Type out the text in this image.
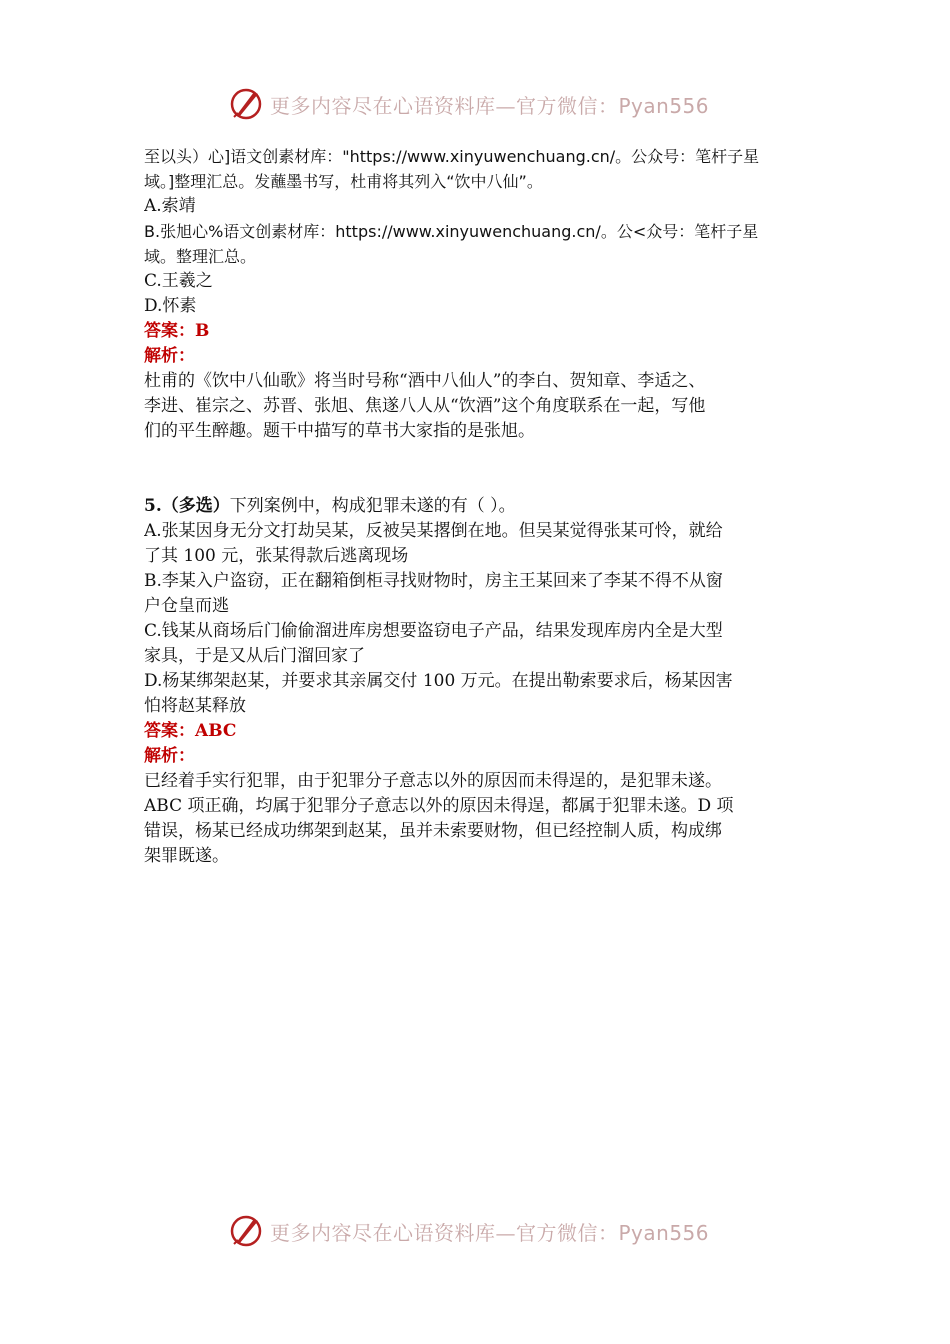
更多内容尽在心语资料库—官方微信：Pyan556
至以头）心]语文创素材库："https://www.xinyuwenchuang.cn/。公众号：笔杆子星
域。]整理汇总。发蘸墨书写，杜甫将其列入“饮中八仙”。
A.索靖
B.张旭心%语文创素材库：https://www.xinyuwenchuang.cn/。公<众号：笔杆子星
域。整理汇总。
C.王羲之
D.怀素
答案：B
解析：
杜甫的《饮中八仙歌》将当时号称“酒中八仙人”的李白、贺知章、李适之、
李进、崔宗之、苏晋、张旭、焦遂八人从“饮酒”这个角度联系在一起，写他
们的平生醉趣。题干中描写的草书大家指的是张旭。
5.（多选）下列案例中，构成犯罪未遂的有（ ）。
A.张某因身无分文打劫吴某，反被吴某撂倒在地。但吴某觉得张某可怜，就给
了其 100 元，张某得款后逃离现场
B.李某入户盗窃，正在翻箱倒柜寻找财物时，房主王某回来了李某不得不从窗
户仓皇而逃
C.钱某从商场后门偷偷溜进库房想要盗窃电子产品，结果发现库房内全是大型
家具，于是又从后门溜回家了
D.杨某绑架赵某，并要求其亲属交付 100 万元。在提出勒索要求后，杨某因害
怕将赵某释放
答案：ABC
解析：
已经着手实行犯罪，由于犯罪分子意志以外的原因而未得逞的，是犯罪未遂。
ABC 项正确，均属于犯罪分子意志以外的原因未得逞，都属于犯罪未遂。D 项
错误，杨某已经成功绑架到赵某，虽并未索要财物，但已经控制人质，构成绑
架罪既遂。
更多内容尽在心语资料库—官方微信：Pyan556
